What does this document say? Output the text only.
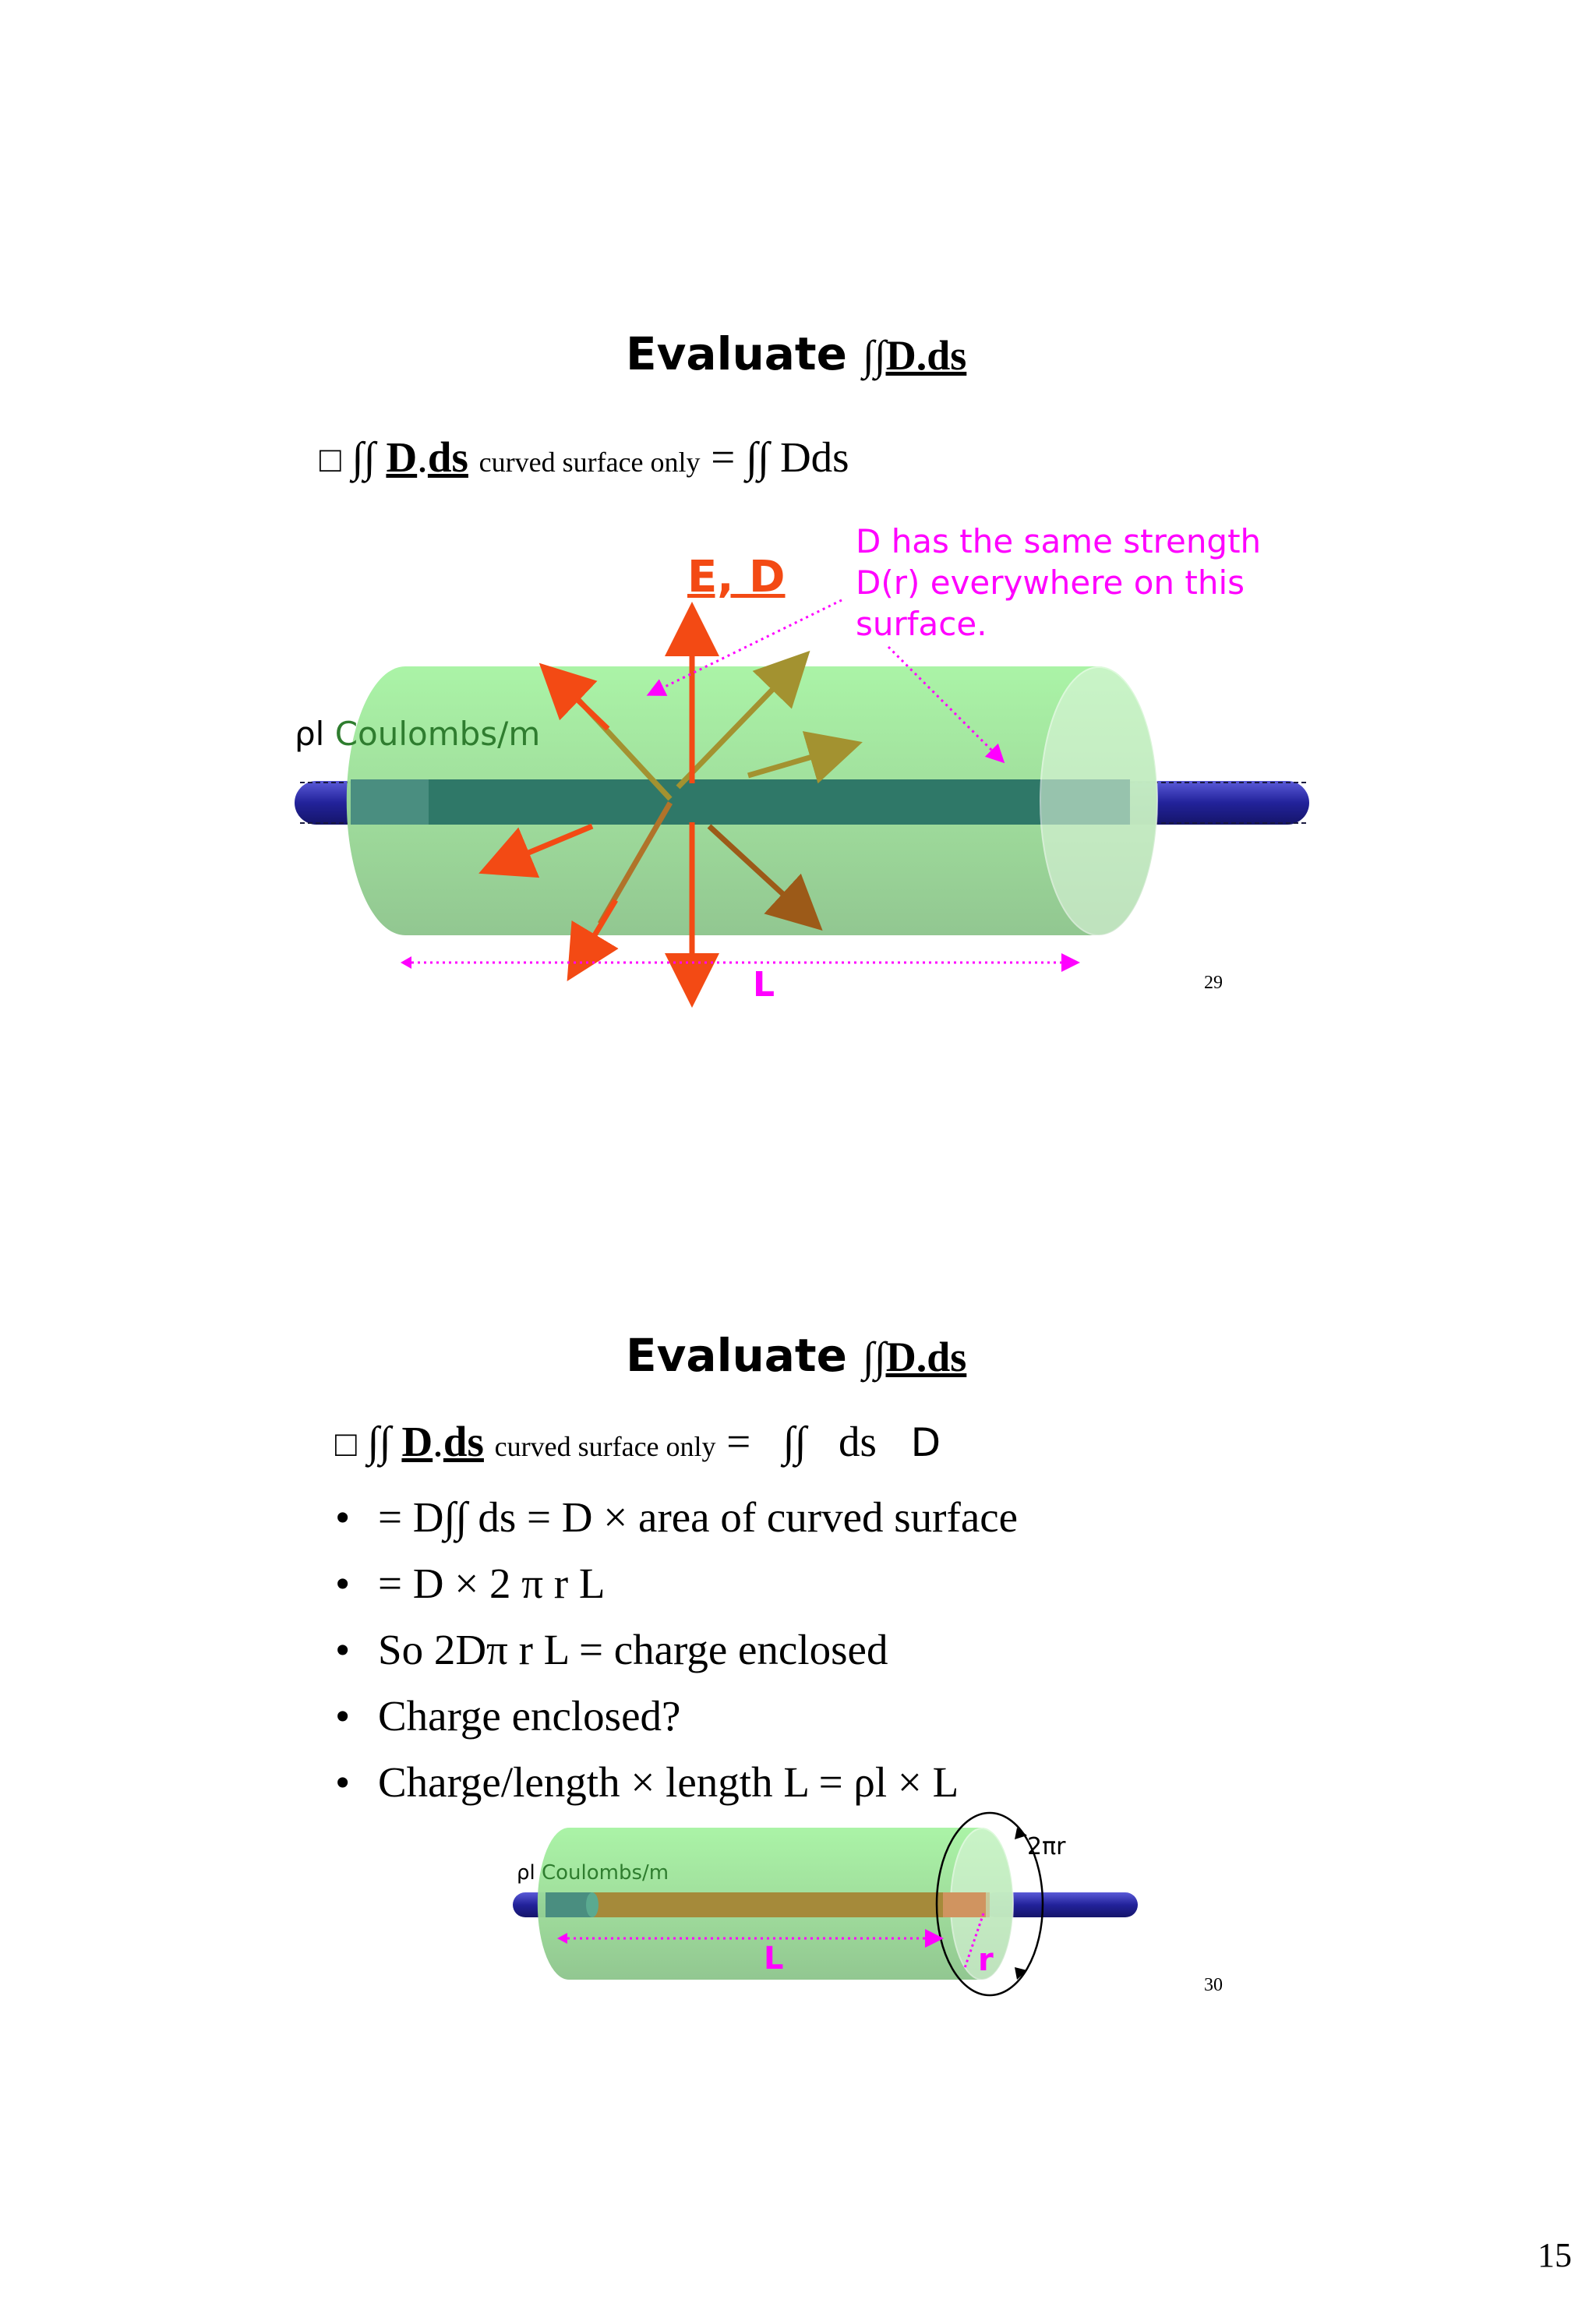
Evaluate ∫∫D.ds
□ ∫∫ D.ds curved surface only = ∫∫ Dds
E, D
D has the same strength
D(r) everywhere on this
surface.
ρl Coulombs/m
L	29
Evaluate ∫∫D.ds
□ ∫∫ D.ds curved surface only =   ∫∫   ds D
• = D∫∫ ds = D × area of curved surface
• = D × 2 π r L
• So 2Dπ r L = charge enclosed
• Charge enclosed?
• Charge/length × length L = ρl × L
ρl Coulombs/m
L	r
2πr
30
15
